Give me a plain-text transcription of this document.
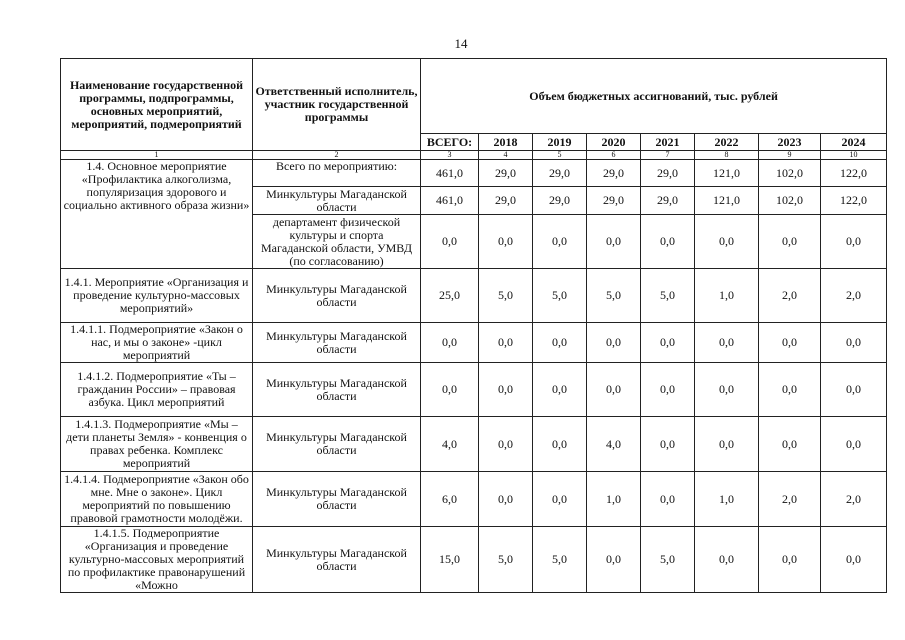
14
Наименование государственной программы, подпрограммы, основных мероприятий, мероприятий, подмероприятий	Ответственный исполнитель, участник государственной программы	Объем бюджетных ассигнований, тыс. рублей							
		ВСЕГО:	2018	2019	2020	2021	2022	2023	2024
1	2	3	4	5	6	7	8	9	10
1.4. Основное мероприятие «Профилактика алкоголизма, популяризация здорового и социально активного образа жизни»	Всего по мероприятию:	461,0	29,0	29,0	29,0	29,0	121,0	102,0	122,0
	Минкультуры Магаданской области	461,0	29,0	29,0	29,0	29,0	121,0	102,0	122,0
	департамент физической культуры и спорта Магаданской области, УМВД (по согласованию)	0,0	0,0	0,0	0,0	0,0	0,0	0,0	0,0
1.4.1. Мероприятие «Организация и проведение культурно-массовых мероприятий»	Минкультуры Магаданской области	25,0	5,0	5,0	5,0	5,0	1,0	2,0	2,0
1.4.1.1. Подмероприятие «Закон о нас, и мы о законе» -цикл мероприятий	Минкультуры Магаданской области	0,0	0,0	0,0	0,0	0,0	0,0	0,0	0,0
1.4.1.2. Подмероприятие «Ты – гражданин России» – правовая азбука. Цикл мероприятий	Минкультуры Магаданской области	0,0	0,0	0,0	0,0	0,0	0,0	0,0	0,0
1.4.1.3. Подмероприятие «Мы – дети планеты Земля» - конвенция о правах ребенка. Комплекс мероприятий	Минкультуры Магаданской области	4,0	0,0	0,0	4,0	0,0	0,0	0,0	0,0
1.4.1.4. Подмероприятие «Закон обо мне. Мне о законе». Цикл мероприятий по повышению правовой грамотности молодёжи.	Минкультуры Магаданской области	6,0	0,0	0,0	1,0	0,0	1,0	2,0	2,0
1.4.1.5. Подмероприятие «Организация и проведение культурно-массовых мероприятий по профилактике правонарушений «Можно	Минкультуры Магаданской области	15,0	5,0	5,0	0,0	5,0	0,0	0,0	0,0
